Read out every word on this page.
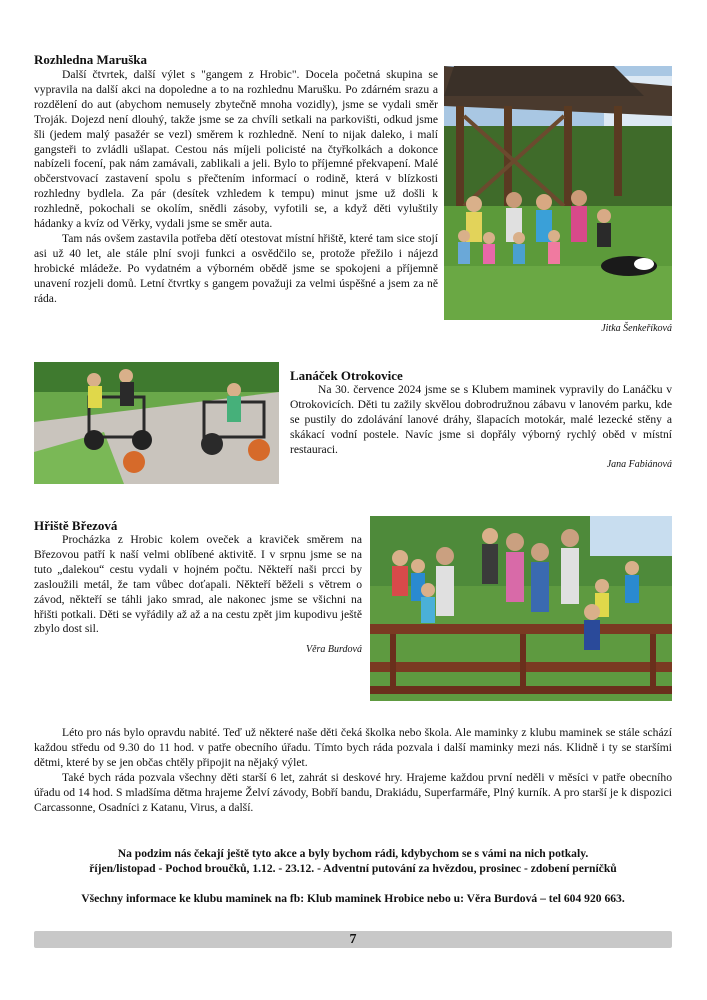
Rozhledna Maruška

Další čtvrtek, další výlet s "gangem z Hrobic". Docela početná skupina se vypravila na další akci na dopoledne a to na rozhlednu Marušku. Po zdárném srazu a rozdělení do aut (abychom nemusely zbytečně mnoha vozidly), jsme se vydali směr Troják. Dojezd není dlouhý, takže jsme se za chvíli setkali na parkovišti, odkud jsme šli (jedem malý pasažér se vezl) směrem k rozhledně. Není to nijak daleko, i malí gangsteři to zvládli ušlapat. Cestou nás míjeli policisté na čtyřkolkách a dokonce nabízeli focení, pak nám zamávali, zablikali a jeli. Bylo to příjemné překvapení. Malé občerstvovací zastavení spolu s přečtením informací o rodině, která v blízkosti rozhledny bydlela. Za pár (desítek vzhledem k tempu) minut jsme už došli k rozhledně, pokochali se okolím, snědli zásoby, vyfotili se, a když děti vyluštily hádanky a kvíz od Věrky, vydali jsme se směr auta.

Tam nás ovšem zastavila potřeba dětí otestovat místní hřiště, které tam sice stojí asi už 40 let, ale stále plní svoji funkci a osvědčilo se, protože přežilo i nájezd hrobické mládeže. Po vydatném a výborném obědě jsme se spokojeni a příjemně unavení rozjeli domů. Letní čtvrtky s gangem považuji za velmi úspěšné a jsem za ně ráda.

Jitka Šenkeříková
Lanáček Otrokovice

Na 30. července 2024 jsme se s Klubem maminek vypravily do Lanáčku v Otrokovicích. Děti tu zažily skvělou dobrodružnou zábavu v lanovém parku, kde se pustily do zdolávání lanové dráhy, šlapacích motokár, malé lezecké stěny a skákací vodní postele. Navíc jsme si dopřály výborný rychlý oběd v místní restauraci.

Jana Fabiánová
Hřiště Březová

Procházka z Hrobic kolem oveček a kraviček směrem na Březovou patří k naší velmi oblíbené aktivitě. I v srpnu jsme se na tuto „dalekou“ cestu vydali v hojném počtu. Někteří naši prcci by zasloužili metál, že tam vůbec doťapali. Někteří běželi s větrem o závod, někteří se táhli jako smrad, ale nakonec jsme se všichni na hřišti potkali. Děti se vyřádily až až a na cestu zpět jim kupodivu ještě zbylo dost sil.

Věra Burdová

Léto pro nás bylo opravdu nabité. Teď už některé naše děti čeká školka nebo škola. Ale maminky z klubu maminek se stále schází každou středu od 9.30 do 11 hod. v patře obecního úřadu. Tímto bych ráda pozvala i další maminky mezi nás. Klidně i ty se staršími dětmi, které by se jen občas chtěly připojit na nějaký výlet.

Také bych ráda pozvala všechny děti starší 6 let, zahrát si deskové hry. Hrajeme každou první neděli v měsíci v patře obecního úřadu od 14 hod. S mladšíma dětma hrajeme Želví závody, Bobří bandu, Drakiádu, Superfarmáře, Plný kurník. A pro starší je k dispozici Carcassonne, Osadníci z Katanu, Virus, a další.

Na podzim nás čekají ještě tyto akce a byly bychom rádi, kdybychom se s vámi na nich potkaly.
říjen/listopad - Pochod broučků, 1.12. - 23.12. - Adventní putování za hvězdou, prosinec - zdobení perníčků
Všechny informace ke klubu maminek na fb: Klub maminek Hrobice nebo u: Věra Burdová – tel 604 920 663.
7
